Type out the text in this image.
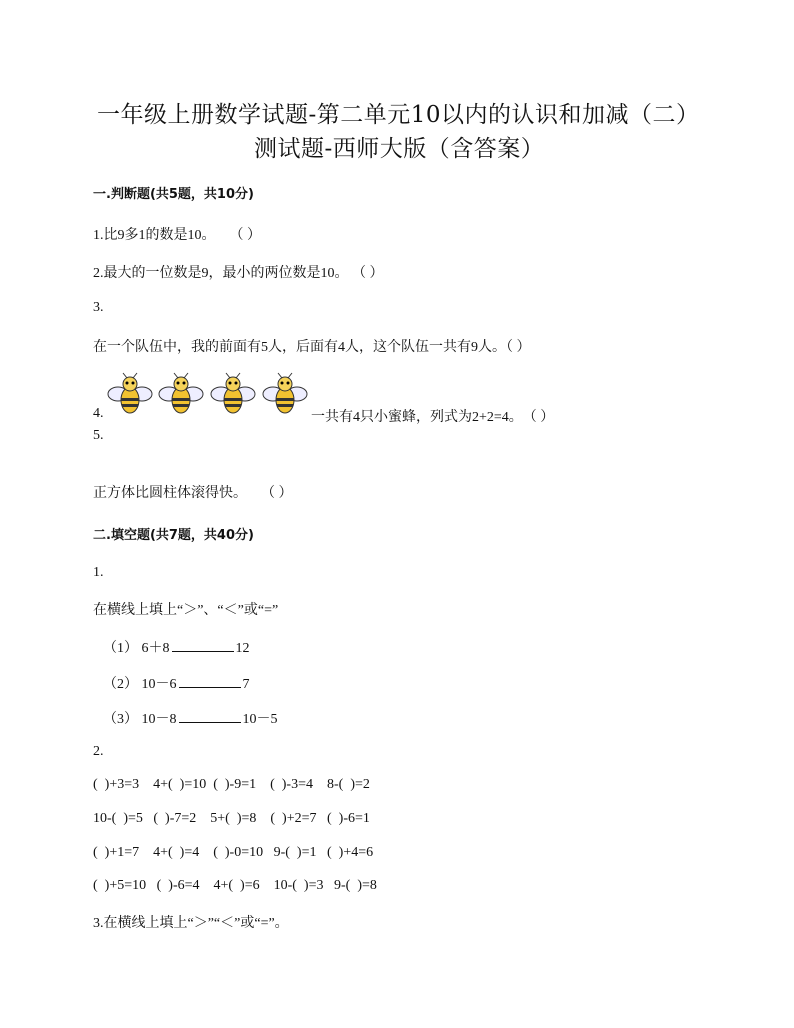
一年级上册数学试题-第二单元10以内的认识和加减（二）
测试题-西师大版（含答案）
一.判断题(共5题，共10分)
1.比9多1的数是10。　　（ ）
2.最大的一位数是9，最小的两位数是10。 （ ）
3.
在一个队伍中，我的前面有5人，后面有4人，这个队伍一共有9人。（ ）
4.	一共有4只小蜜蜂，列式为2+2=4。　（ ）
5.
正方体比圆柱体滚得快。　　（ ）
二.填空题(共7题，共40分)
1.
在横线上填上“＞”、“＜”或“=”
（1） 6＋8	12
（2） 10－6	7
（3） 10－8	10－5
2.
(  )+3=3    4+(  )=10  (  )-9=1    (  )-3=4    8-(  )=2
10-(  )=5   (  )-7=2    5+(  )=8    (  )+2=7   (  )-6=1
(  )+1=7    4+(  )=4    (  )-0=10   9-(  )=1   (  )+4=6
(  )+5=10   (  )-6=4    4+(  )=6    10-(  )=3   9-(  )=8
3.在横线上填上“＞”“＜”或“=”。
